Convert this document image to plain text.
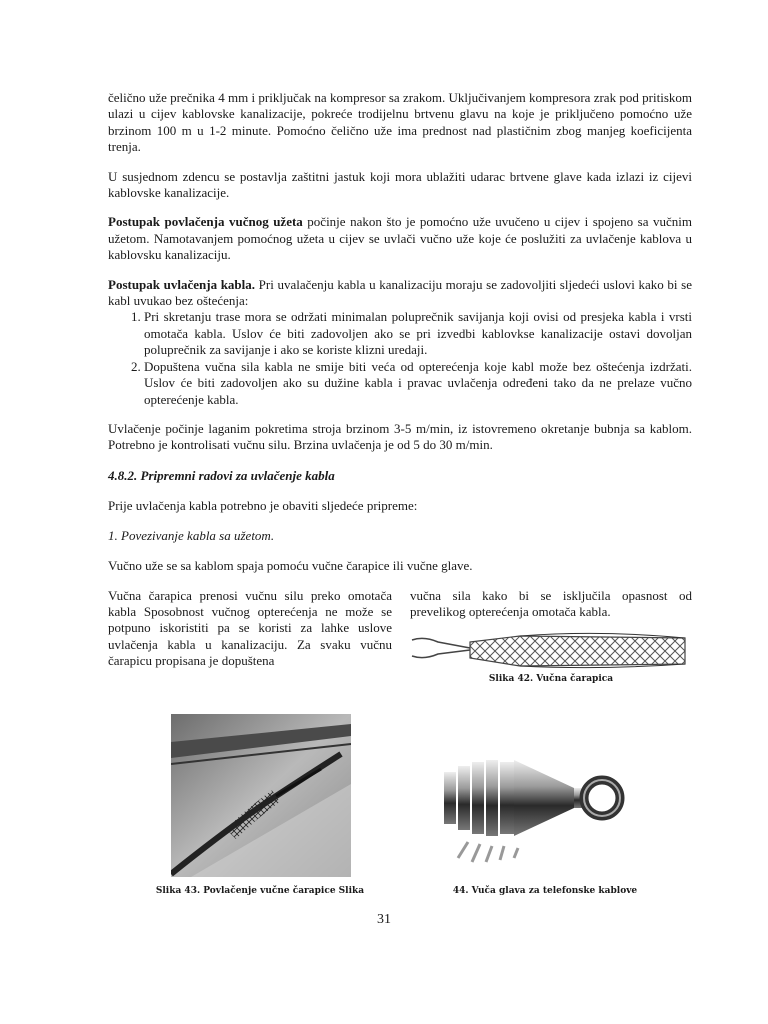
čelično uže prečnika 4 mm i priključak na kompresor sa zrakom. Uključivanjem kompresora zrak pod pritiskom ulazi u cijev kablovske kanalizacije, pokreće trodijelnu brtvenu glavu na koje je priključeno pomoćno uže brzinom 100 m u 1-2 minute. Pomoćno čelično uže ima prednost nad plastičnim zbog manjeg koeficijenta trenja.

U susjednom zdencu se postavlja zaštitni jastuk koji mora ublažiti udarac brtvene glave kada izlazi iz cijevi kablovske kanalizacije.

Postupak povlačenja vučnog užeta počinje nakon što je pomoćno uže uvučeno u cijev i spojeno sa vučnim užetom. Namotavanjem pomoćnog užeta u cijev se uvlači vučno uže koje će poslužiti za uvlačenje kablova u kablovsku kanalizaciju.

Postupak uvlačenja kabla. Pri uvalačenju kabla u kanalizaciju moraju se zadovoljiti sljedeći uslovi kako bi se kabl uvukao bez oštećenja:

1. Pri skretanju trase mora se održati minimalan poluprečnik savijanja koji ovisi od presjeka kabla i vrsti omotača kabla. Uslov će biti zadovoljen ako se pri izvedbi kablovkse kanalizacije ostavi dovoljan poluprečnik za savijanje i ako se koriste klizni uredaji.
2. Dopuštena vučna sila kabla ne smije biti veća od opterećenja koje kabl može bez oštećenja izdržati. Uslov će biti zadovoljen ako su dužine kabla i pravac uvlačenja određeni tako da ne prelaze vučno opterećenje kabla.

Uvlačenje počinje laganim pokretima stroja brzinom 3-5 m/min, iz istovremeno okretanje bubnja sa kablom. Potrebno je kontrolisati vučnu silu. Brzina uvlačenja je od 5 do 30 m/min.

4.8.2. Pripremni radovi za uvlačenje kabla

Prije uvlačenja kabla potrebno je obaviti sljedeće pripreme:

1. Povezivanje kabla sa užetom.

Vučno uže se sa kablom spaja pomoću vučne čarapice ili vučne glave.

Vučna čarapica prenosi vučnu silu preko omotača kabla Sposobnost vučnog opterećenja ne može se potpuno iskoristiti pa se koristi za lahke uslove uvlačenja kabla u kanalizaciju. Za svaku vučnu čarapicu propisana je dopuštena

vučna sila kako bi se isključila opasnost od prevelikog opterećenja omotača kabla.

Slika 42. Vučna čarapica
Slika 43. Povlačenje vučne čarapice Slika	44. Vuča glava za telefonske kablove
31
